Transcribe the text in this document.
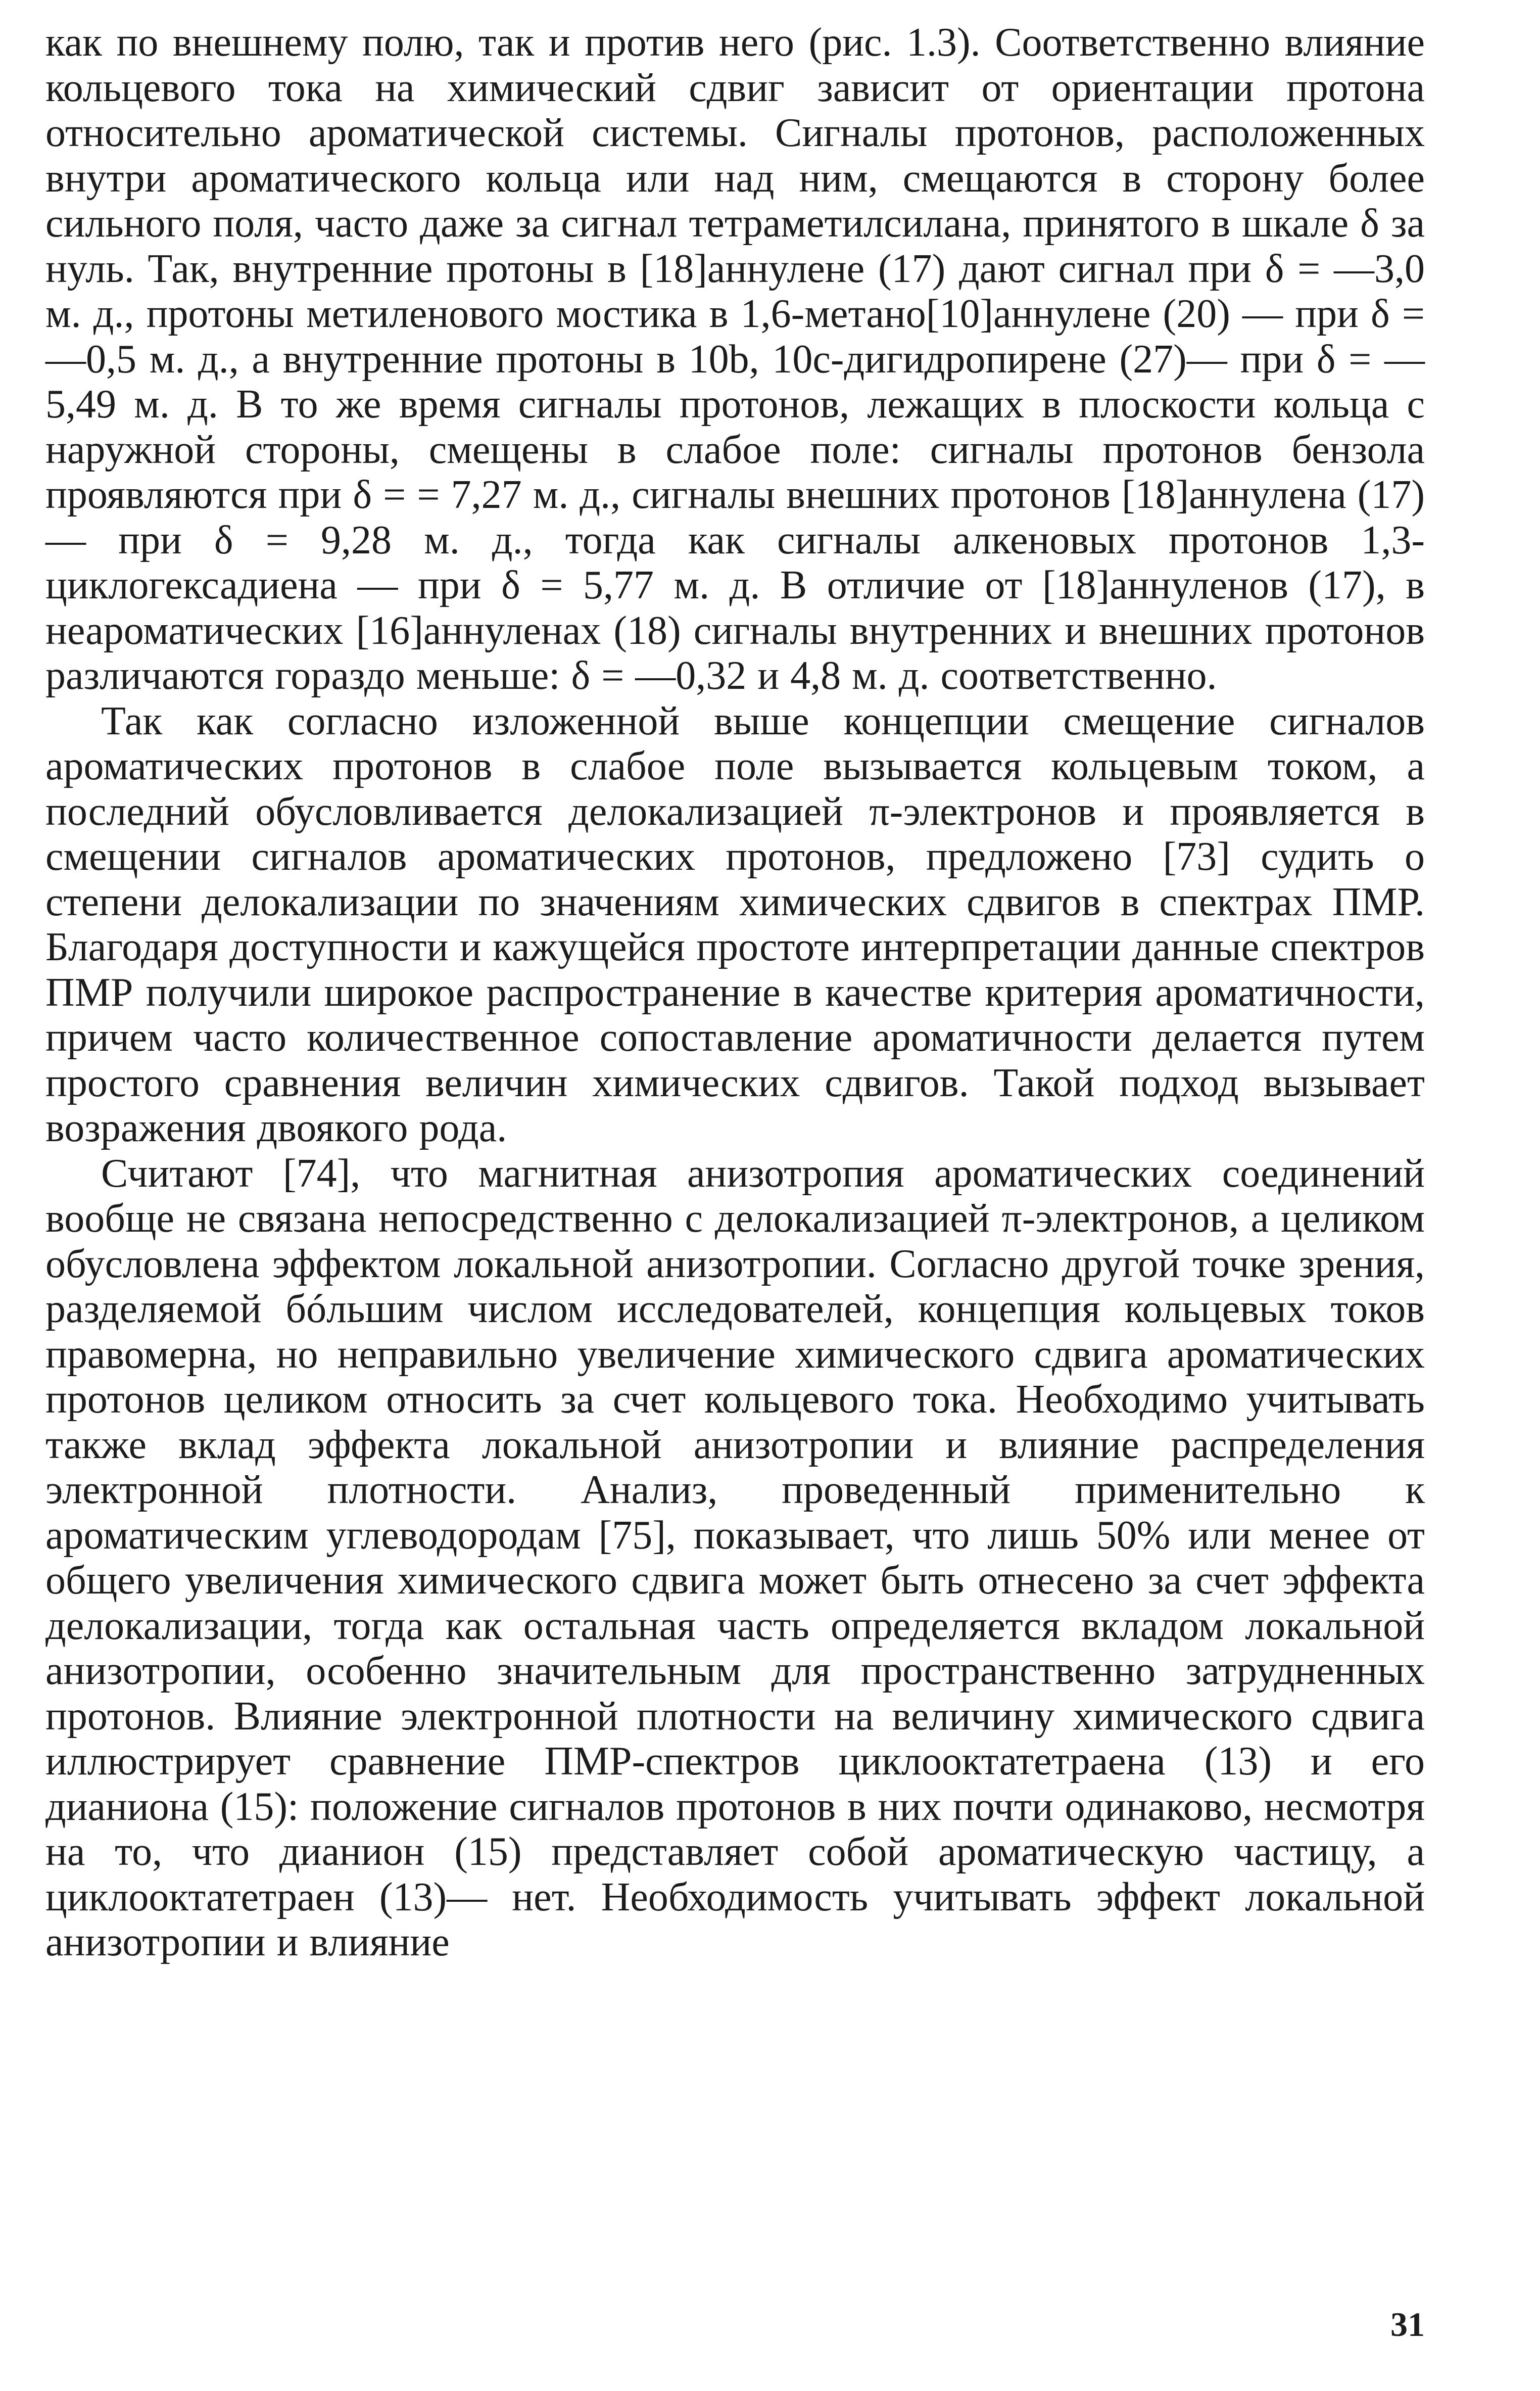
как по внешнему полю, так и против него (рис. 1.3). Соответственно влияние кольцевого тока на химический сдвиг зависит от ориентации протона относительно ароматической системы. Сигналы протонов, расположенных внутри ароматического кольца или над ним, смещаются в сторону более сильного поля, часто даже за сигнал тетраметилсилана, принятого в шкале δ за нуль. Так, внутренние протоны в [18]аннулене (17) дают сигнал при δ = —3,0 м. д., протоны метиленового мостика в 1,6-метано[10]аннулене (20) — при δ = —0,5 м. д., а внутренние протоны в 10b, 10c-дигидропирене (27)— при δ = —5,49 м. д. В то же время сигналы протонов, лежащих в плоскости кольца с наружной стороны, смещены в слабое поле: сигналы протонов бензола проявляются при δ = = 7,27 м. д., сигналы внешних протонов [18]аннулена (17) — при δ = 9,28 м. д., тогда как сигналы алкеновых протонов 1,3-циклогексадиена — при δ = 5,77 м. д. В отличие от [18]аннуленов (17), в неароматических [16]аннуленах (18) сигналы внутренних и внешних протонов различаются гораздо меньше: δ = —0,32 и 4,8 м. д. соответственно.

Так как согласно изложенной выше концепции смещение сигналов ароматических протонов в слабое поле вызывается кольцевым током, а последний обусловливается делокализацией π-электронов и проявляется в смещении сигналов ароматических протонов, предложено [73] судить о степени делокализации по значениям химических сдвигов в спектрах ПМР. Благодаря доступности и кажущейся простоте интерпретации данные спектров ПМР получили широкое распространение в качестве критерия ароматичности, причем часто количественное сопоставление ароматичности делается путем простого сравнения величин химических сдвигов. Такой подход вызывает возражения двоякого рода.

Считают [74], что магнитная анизотропия ароматических соединений вообще не связана непосредственно с делокализацией π-электронов, а целиком обусловлена эффектом локальной анизотропии. Согласно другой точке зрения, разделяемой бóльшим числом исследователей, концепция кольцевых токов правомерна, но неправильно увеличение химического сдвига ароматических протонов целиком относить за счет кольцевого тока. Необходимо учитывать также вклад эффекта локальной анизотропии и влияние распределения электронной плотности. Анализ, проведенный применительно к ароматическим углеводородам [75], показывает, что лишь 50% или менее от общего увеличения химического сдвига может быть отнесено за счет эффекта делокализации, тогда как остальная часть определяется вкладом локальной анизотропии, особенно значительным для пространственно затрудненных протонов. Влияние электронной плотности на величину химического сдвига иллюстрирует сравнение ПМР-спектров циклооктатетраена (13) и его дианиона (15): положение сигналов протонов в них почти одинаково, несмотря на то, что дианион (15) представляет собой ароматическую частицу, а циклооктатетраен (13)— нет. Необходимость учитывать эффект локальной анизотропии и влияние

31
